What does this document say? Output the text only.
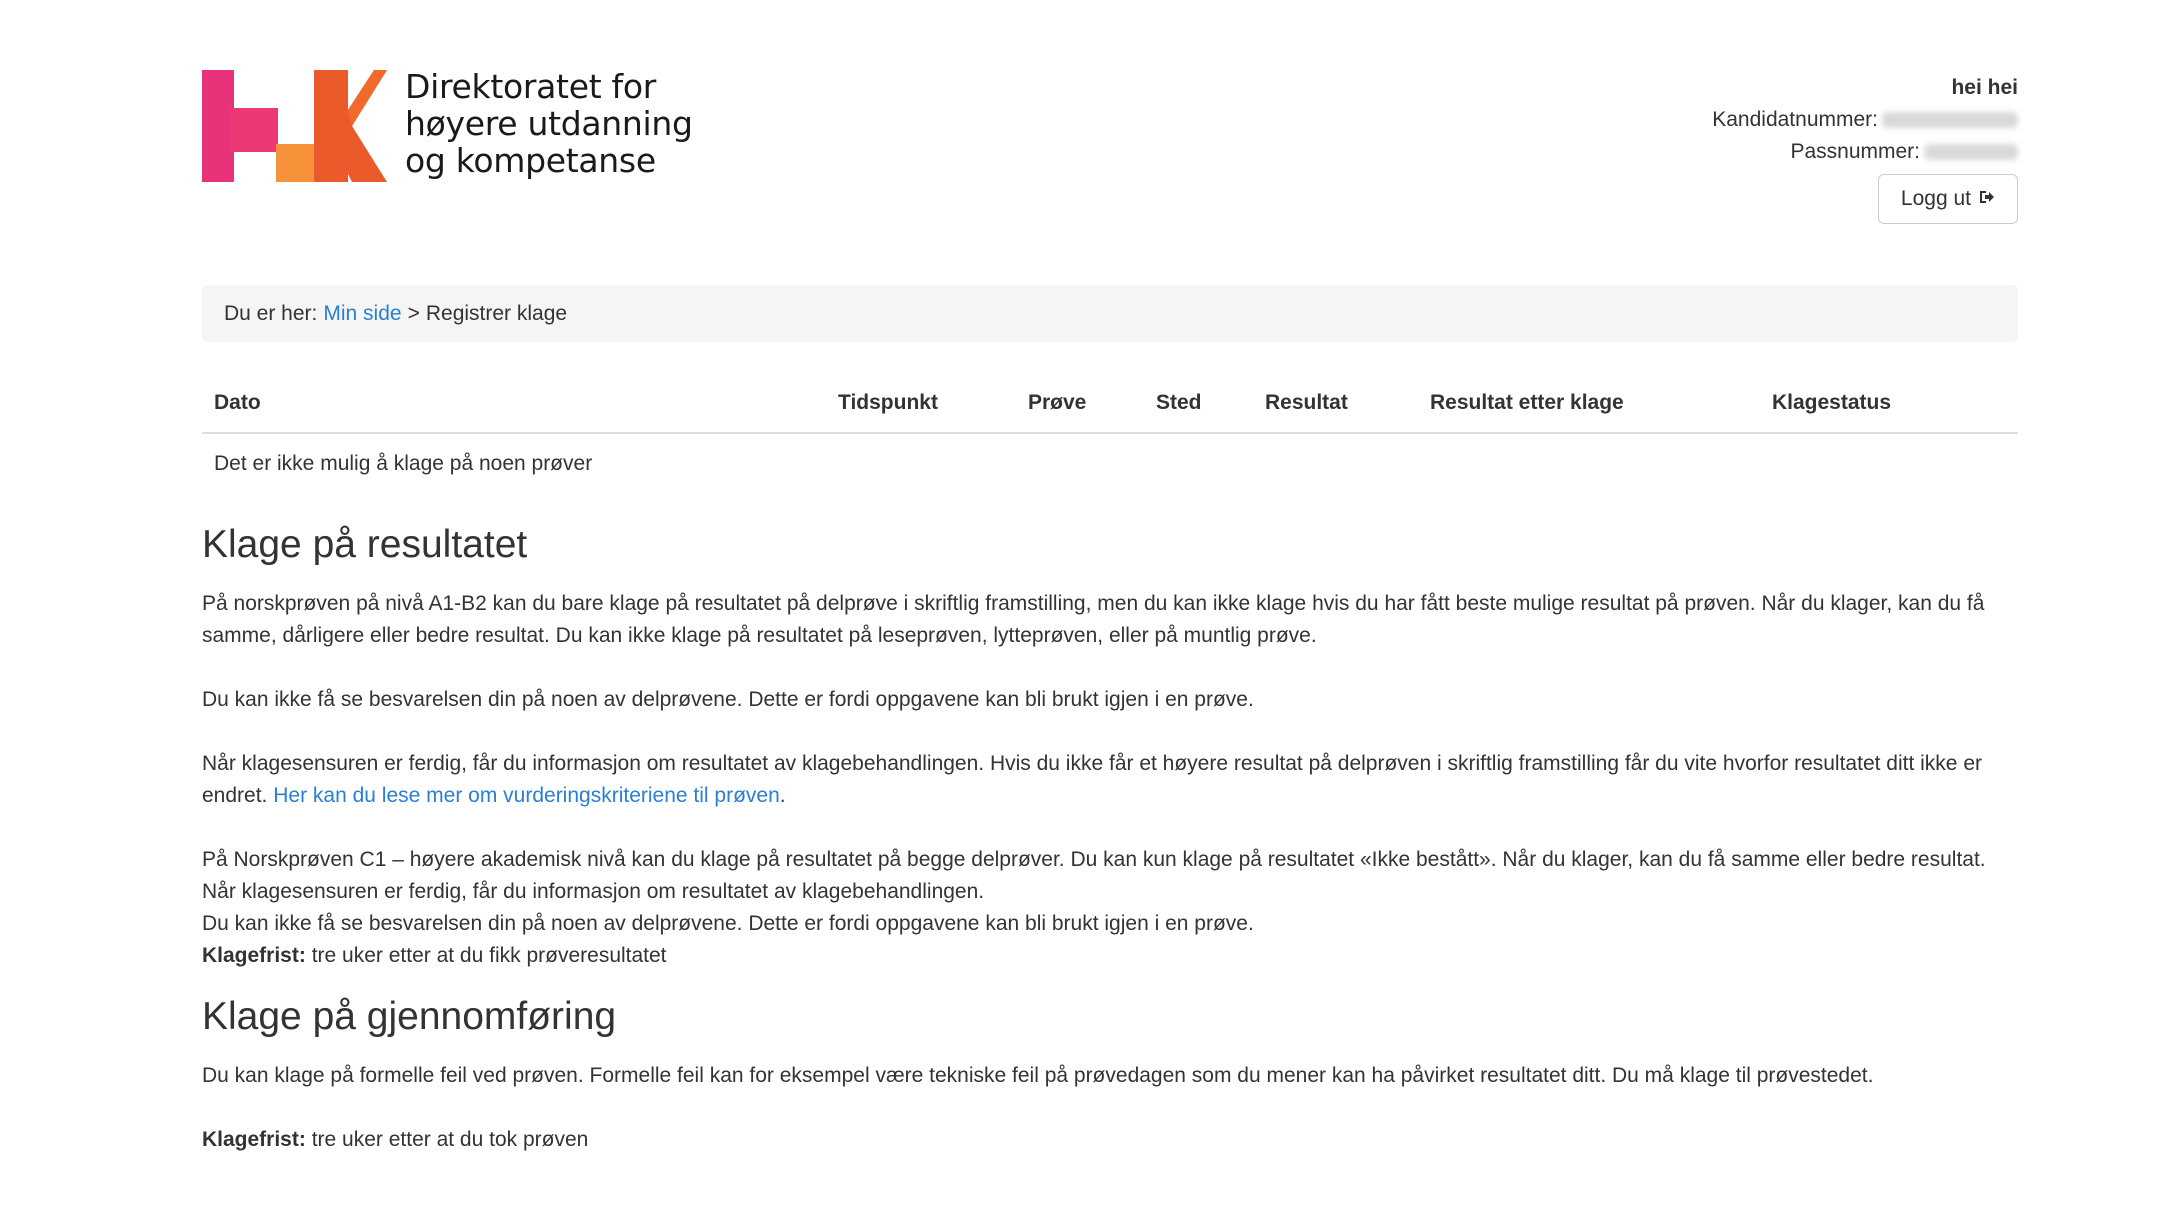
Direktoratet for
høyere utdanning
og kompetanse
hei hei
Kandidatnummer:
Passnummer:
Logg ut
Du er her: Min side > Registrer klage
Dato	Tidspunkt	Prøve	Sted	Resultat	Resultat etter klage	Klagestatus
Det er ikke mulig å klage på noen prøver
Klage på resultatet

På norskprøven på nivå A1-B2 kan du bare klage på resultatet på delprøve i skriftlig framstilling, men du kan ikke klage hvis du har fått beste mulige resultat på prøven. Når du klager, kan du få samme, dårligere eller bedre resultat. Du kan ikke klage på resultatet på leseprøven, lytteprøven, eller på muntlig prøve.

Du kan ikke få se besvarelsen din på noen av delprøvene. Dette er fordi oppgavene kan bli brukt igjen i en prøve.

Når klagesensuren er ferdig, får du informasjon om resultatet av klagebehandlingen. Hvis du ikke får et høyere resultat på delprøven i skriftlig framstilling får du vite hvorfor resultatet ditt ikke er endret. Her kan du lese mer om vurderingskriteriene til prøven.

På Norskprøven C1 – høyere akademisk nivå kan du klage på resultatet på begge delprøver. Du kan kun klage på resultatet «Ikke bestått». Når du klager, kan du få samme eller bedre resultat. Når klagesensuren er ferdig, får du informasjon om resultatet av klagebehandlingen.

Du kan ikke få se besvarelsen din på noen av delprøvene. Dette er fordi oppgavene kan bli brukt igjen i en prøve.

Klagefrist: tre uker etter at du fikk prøveresultatet

Klage på gjennomføring

Du kan klage på formelle feil ved prøven. Formelle feil kan for eksempel være tekniske feil på prøvedagen som du mener kan ha påvirket resultatet ditt. Du må klage til prøvestedet.

Klagefrist: tre uker etter at du tok prøven
